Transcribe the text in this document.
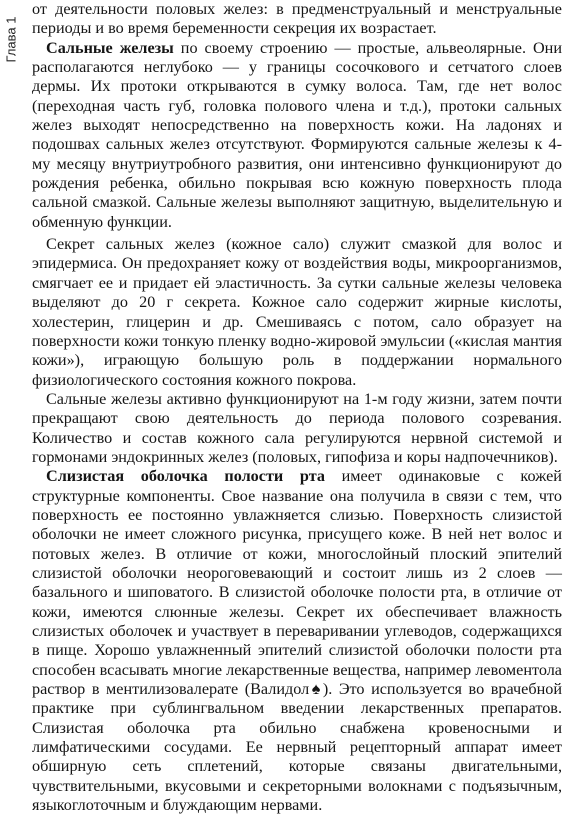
Глава 1

от деятельности половых желез: в предменструальный и менструальные периоды и во время беременности секреция их возрастает.

Сальные железы по своему строению — простые, альвеолярные. Они располагаются неглубоко — у границы сосочкового и сетчатого слоев дермы. Их протоки открываются в сумку волоса. Там, где нет волос (переходная часть губ, головка полового члена и т.д.), протоки сальных желез выходят непосредственно на поверхность кожи. На ладонях и подошвах сальных желез отсутствуют. Формируются сальные железы к 4-му месяцу внутриутробного развития, они интенсивно функционируют до рождения ребенка, обильно покрывая всю кожную поверхность плода сальной смазкой. Сальные железы выполняют защитную, выделительную и обменную функции.

Секрет сальных желез (кожное сало) служит смазкой для волос и эпидермиса. Он предохраняет кожу от воздействия воды, микроорганизмов, смягчает ее и придает ей эластичность. За сутки сальные железы человека выделяют до 20 г секрета. Кожное сало содержит жирные кислоты, холестерин, глицерин и др. Смешиваясь с потом, сало образует на поверхности кожи тонкую пленку водно-жировой эмульсии («кислая мантия кожи»), играющую большую роль в поддержании нормального физиологического состояния кожного покрова.

Сальные железы активно функционируют на 1-м году жизни, затем почти прекращают свою деятельность до периода полового созревания. Количество и состав кожного сала регулируются нервной системой и гормонами эндокринных желез (половых, гипофиза и коры надпочечников).

Слизистая оболочка полости рта имеет одинаковые с кожей структурные компоненты. Свое название она получила в связи с тем, что поверхность ее постоянно увлажняется слизью. Поверхность слизистой оболочки не имеет сложного рисунка, присущего коже. В ней нет волос и потовых желез. В отличие от кожи, многослойный плоский эпителий слизистой оболочки неороговевающий и состоит лишь из 2 слоев — базального и шиповатого. В слизистой оболочке полости рта, в отличие от кожи, имеются слюнные железы. Секрет их обеспечивает влажность слизистых оболочек и участвует в переваривании углеводов, содержащихся в пище. Хорошо увлажненный эпителий слизистой оболочки полости рта способен всасывать многие лекарственные вещества, например левоментола раствор в ментилизовалерате (Валидол♠). Это используется во врачебной практике при сублингвальном введении лекарственных препаратов. Слизистая оболочка рта обильно снабжена кровеносными и лимфатическими сосудами. Ее нервный рецепторный аппарат имеет обширную сеть сплетений, которые связаны двигательными, чувствительными, вкусовыми и секреторными волокнами с подъязычным, языкоглоточным и блуждающим нервами.
